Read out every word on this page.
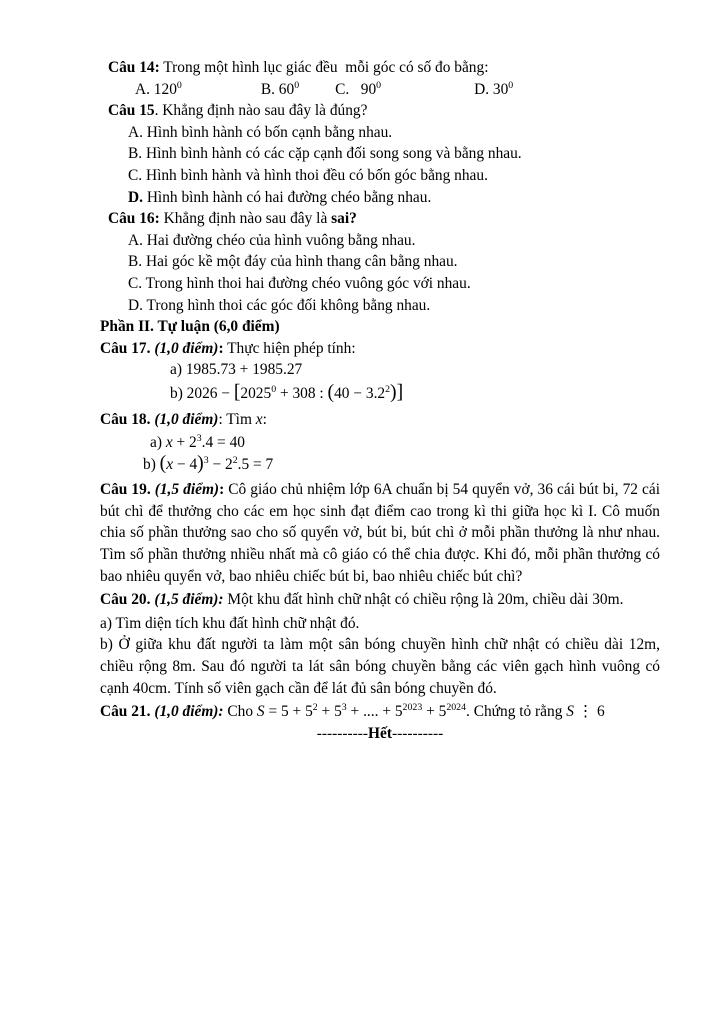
Câu 14: Trong một hình lục giác đều  mỗi góc có số đo bằng:
A. $120^0$	B. $60^0$ C.   $90^0$	D. $30^0$
Câu 15. Khẳng định nào sau đây là đúng?
A. Hình bình hành có bốn cạnh bằng nhau.
B. Hình bình hành có các cặp cạnh đối song song và bằng nhau.
C. Hình bình hành và hình thoi đều có bốn góc bằng nhau.
D. Hình bình hành có hai đường chéo bằng nhau.
Câu 16: Khẳng định nào sau đây là sai?
A. Hai đường chéo của hình vuông bằng nhau.
B. Hai góc kề một đáy của hình thang cân bằng nhau.
C. Trong hình thoi hai đường chéo vuông góc với nhau.
D. Trong hình thoi các góc đối không bằng nhau.
Phần II. Tự luận (6,0 điểm)
Câu 17. (1,0 điểm): Thực hiện phép tính:
a) 1985.73 + 1985.27
b) $2026 - [2025^0 + 308$ : $(40 - 3.2^2)$]
Câu 18. (1,0 điểm): Tìm x:
a) $x + 2^3.4 = 40$
b) $(x - 4)^3 - 2^2.5 = 7$
Câu 19. (1,5 điểm): Cô giáo chủ nhiệm lớp 6A chuẩn bị 54 quyển vở, 36 cái bút bi, 72 cái bút chì để thưởng cho các em học sinh đạt điểm cao trong kì thi giữa học kì I. Cô muốn chia số phần thưởng sao cho số quyển vở, bút bi, bút chì ở mỗi phần thưởng là như nhau. Tìm số phần thưởng nhiều nhất mà cô giáo có thể chia được. Khi đó, mỗi phần thưởng có bao nhiêu quyển vở, bao nhiêu chiếc bút bi, bao nhiêu chiếc bút chì?
Câu 20. (1,5 điểm): Một khu đất hình chữ nhật có chiều rộng là 20m, chiều dài 30m.
a) Tìm diện tích khu đất hình chữ nhật đó.
b) Ở giữa khu đất người ta làm một sân bóng chuyền hình chữ nhật có chiều dài 12m, chiều rộng 8m. Sau đó người ta lát sân bóng chuyền bằng các viên gạch hình vuông có cạnh 40cm. Tính số viên gạch cần để lát đủ sân bóng chuyền đó.
Câu 21. (1,0 điểm): Cho $S = 5 + 5^2 + 5^3$ + .... + $5^{2023} + 5^{2024}$. Chứng tỏ rằng S ⋮ 6
----------Hết----------
